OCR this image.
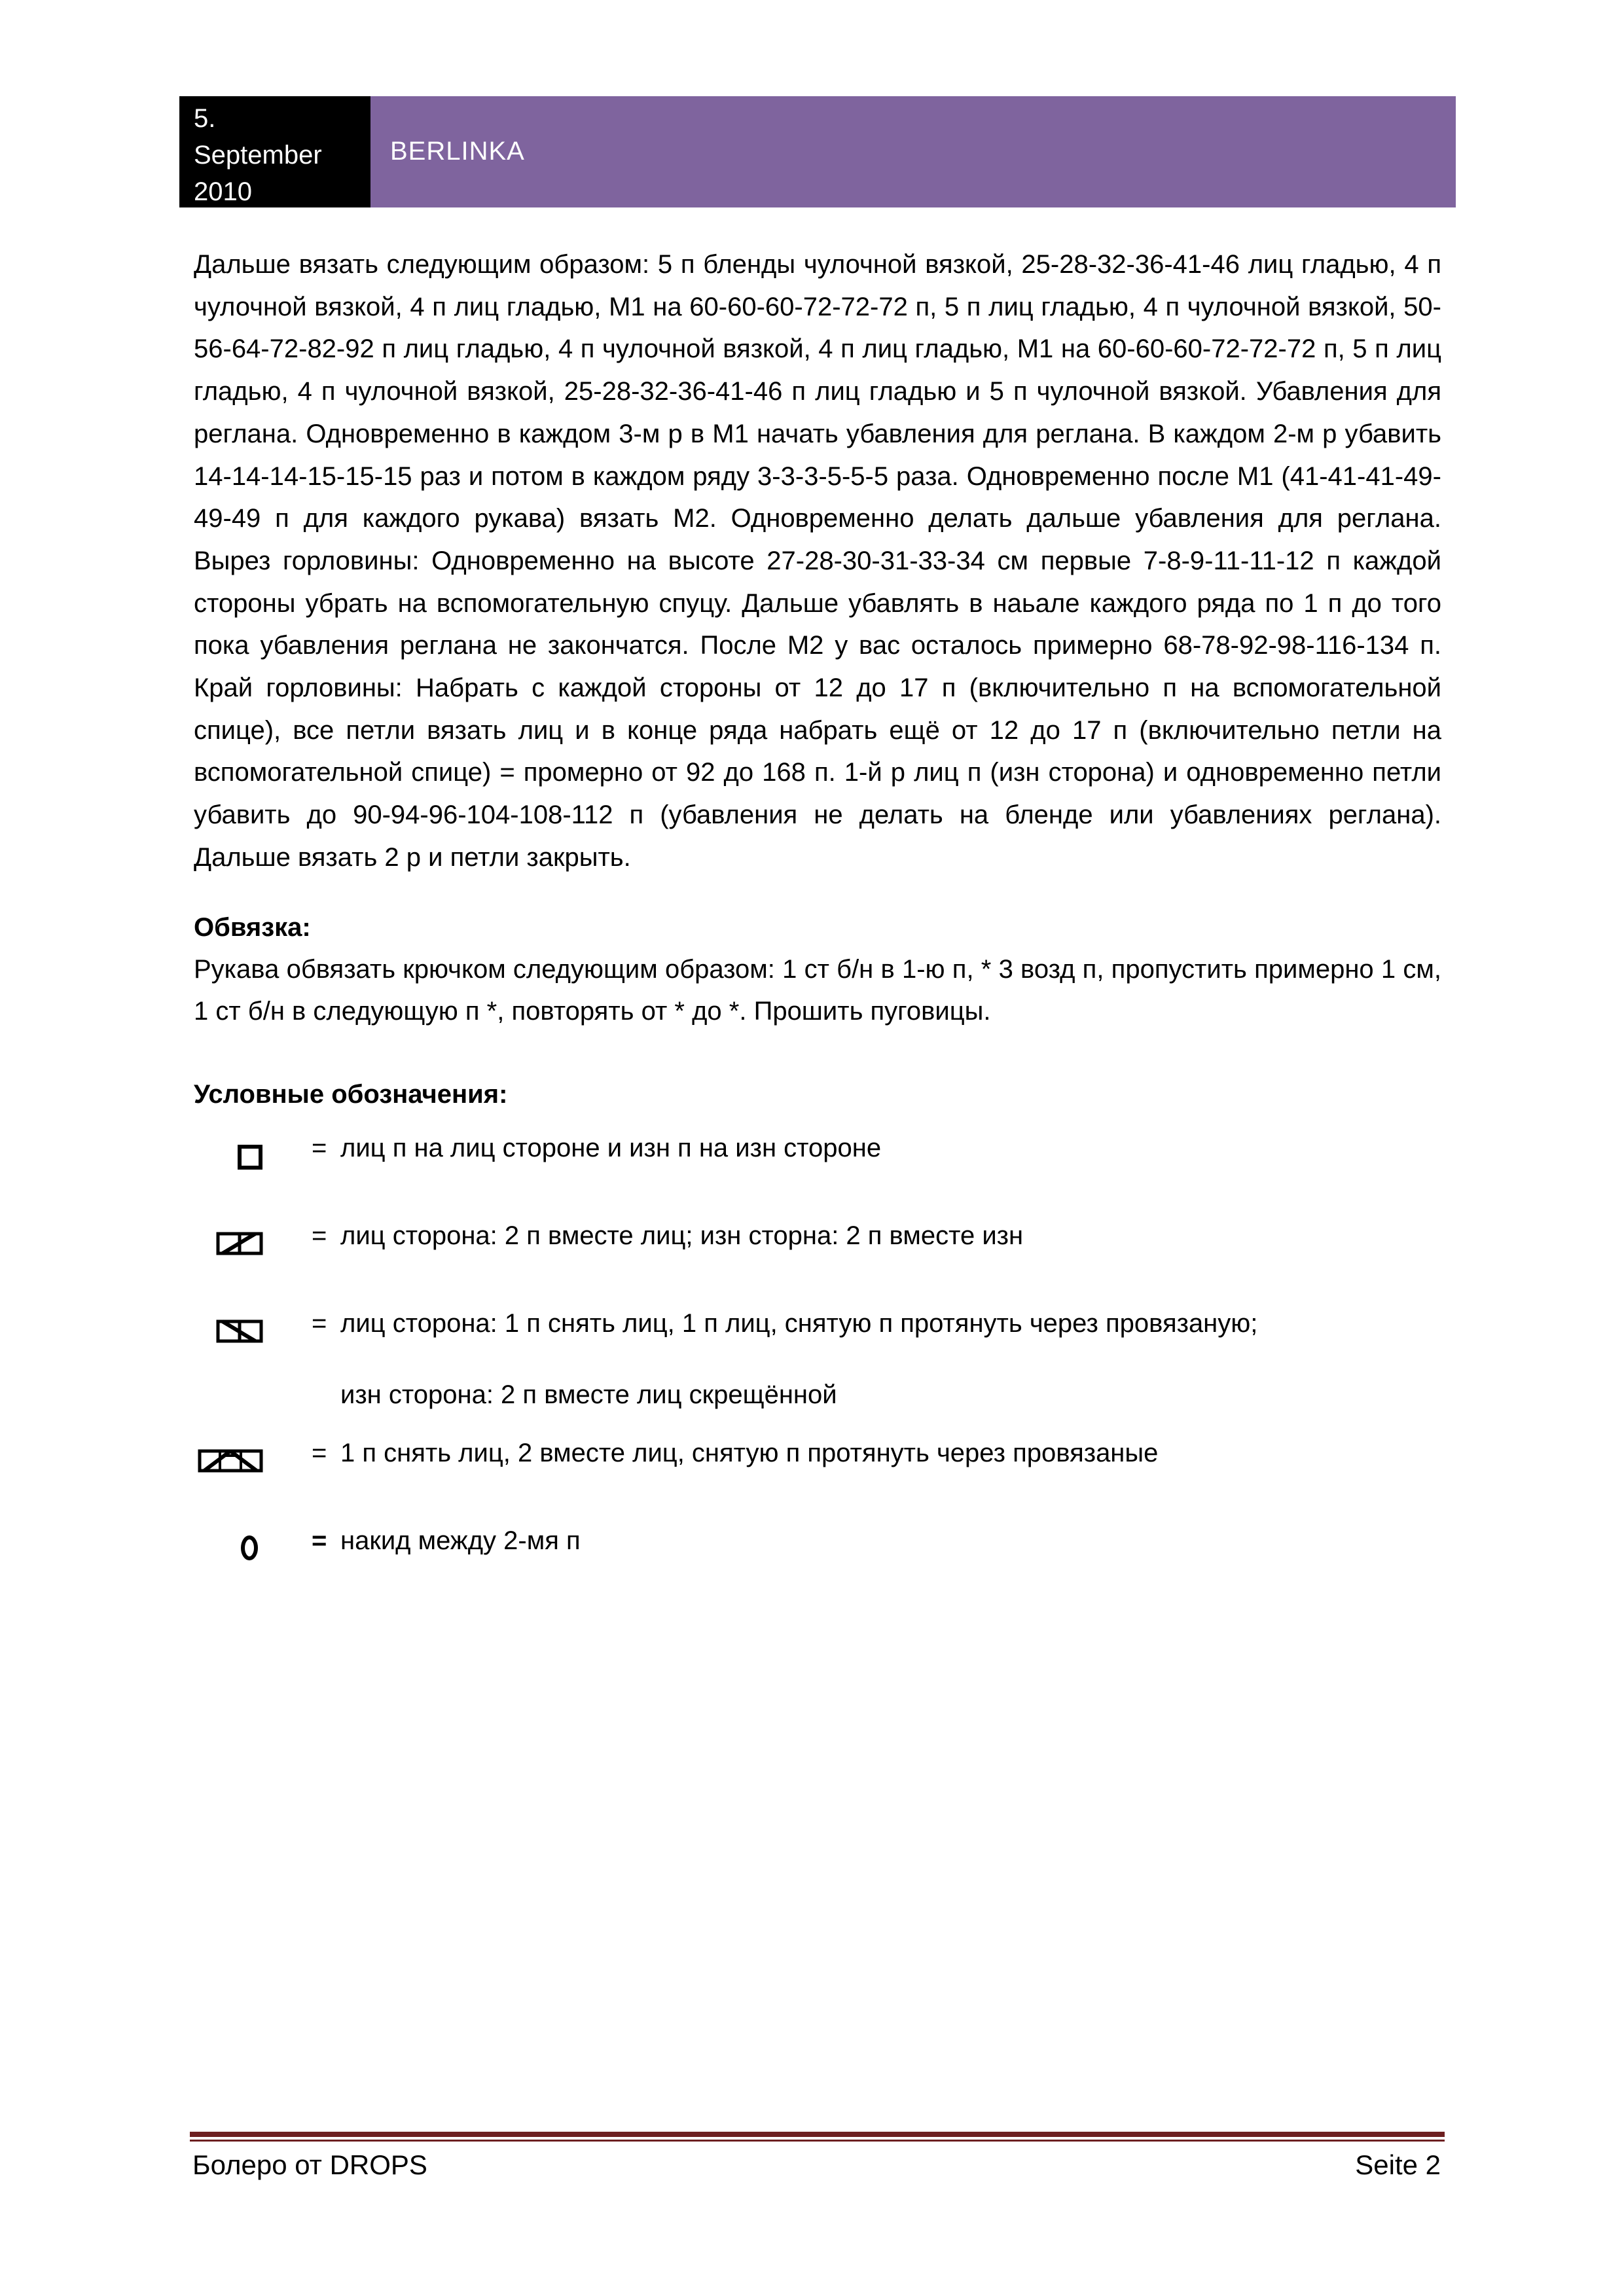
5.
September
2010
BERLINKA

Дальше вязать следующим образом: 5 п бленды чулочной вязкой, 25-28-32-36-41-46 лиц гладью, 4 п чулочной вязкой, 4 п лиц гладью, М1 на 60-60-60-72-72-72 п, 5 п лиц гладью, 4 п чулочной вязкой, 50-56-64-72-82-92 п лиц гладью, 4 п чулочной вязкой, 4 п лиц гладью, М1 на 60-60-60-72-72-72 п, 5 п лиц гладью, 4 п чулочной вязкой, 25-28-32-36-41-46 п лиц гладью и 5 п чулочной вязкой. Убавления для реглана. Одновременно в каждом 3-м р в М1 начать убавления для реглана. В каждом 2-м р убавить 14-14-14-15-15-15 раз и потом в каждом ряду 3-3-3-5-5-5 раза. Одновременно после М1 (41-41-41-49-49-49 п для каждого рукава) вязать М2. Одновременно делать дальше убавления для реглана. Вырез горловины: Одновременно на высоте 27-28-30-31-33-34 см первые 7-8-9-11-11-12 п каждой стороны убрать на вспомогательную спуцу. Дальше убавлять в наьале каждого ряда по 1 п до того пока убавления реглана не закончатся. После М2 у вас осталось примерно 68-78-92-98-116-134 п. Край горловины: Набрать с каждой стороны от 12 до 17 п (включительно п на вспомогательной спице), все петли вязать лиц и в конце ряда набрать ещё от 12 до 17 п (включительно петли на вспомогательной спице) = промерно от 92 до 168 п. 1-й р лиц п (изн сторона) и одновременно петли убавить до 90-94-96-104-108-112 п (убавления не делать на бленде или убавлениях реглана). Дальше вязать 2 р и петли закрыть.

Обвязка:

Рукава обвязать крючком следующим образом: 1 ст б/н в 1-ю п, * 3 возд п, пропустить примерно 1 см, 1 ст б/н в следующую п *, повторять от * до *. Прошить пуговицы.

Условные обозначения:

= лиц п на лиц стороне и изн п на изн стороне
= лиц сторона: 2 п вместе лиц; изн сторна: 2 п вместе изн
= лиц сторона: 1 п снять лиц, 1 п лиц, снятую п протянуть через провязаную;
изн сторона: 2 п вместе лиц скрещённой
= 1 п снять лиц, 2 вместе лиц, снятую п протянуть через провязаные
= накид между 2-мя п
Болеро от DROPS	Seite 2
